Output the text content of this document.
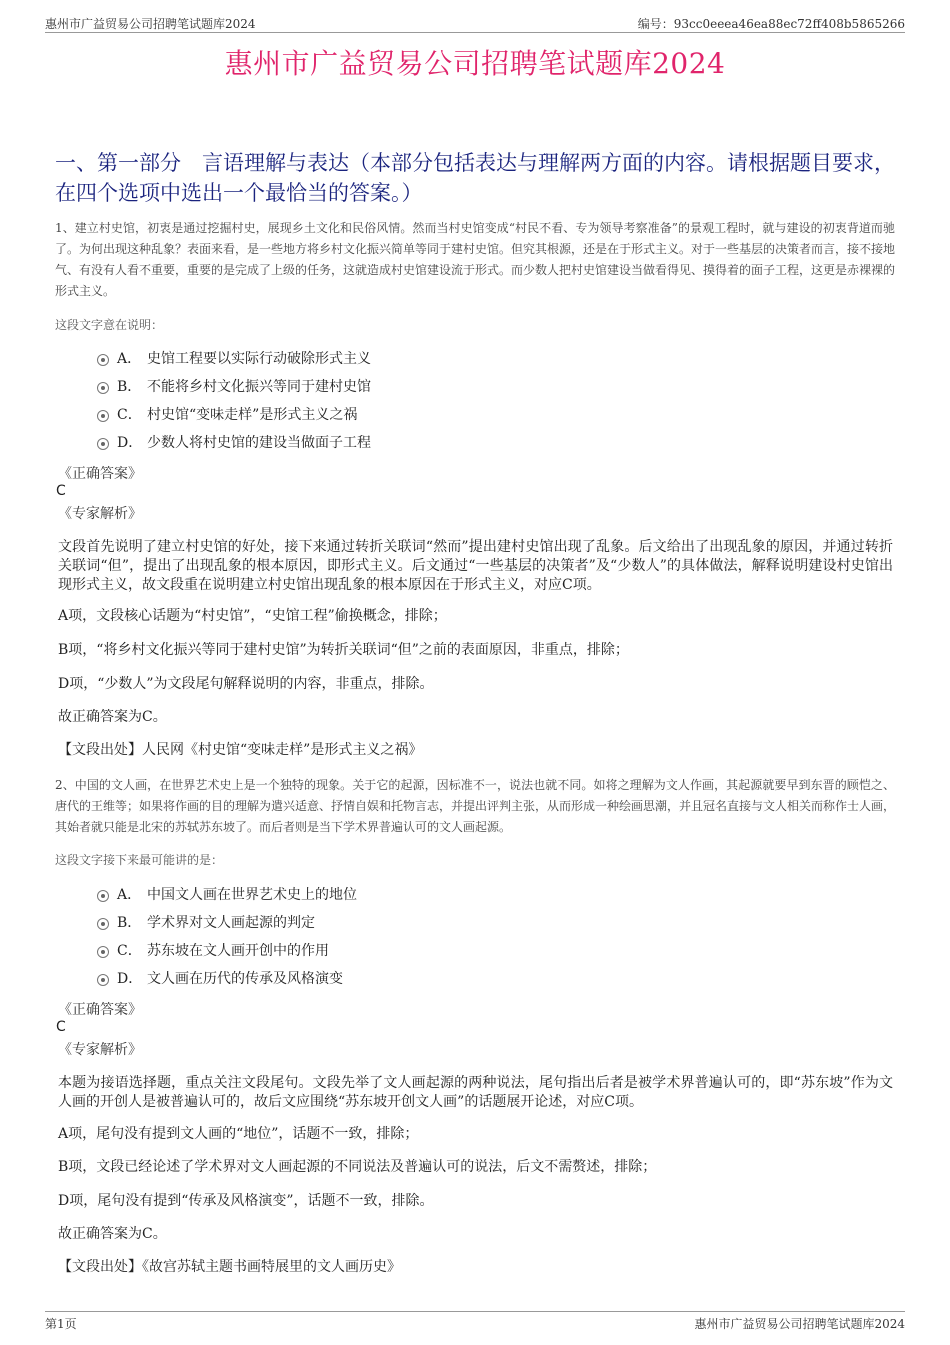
惠州市广益贸易公司招聘笔试题库2024	编号：93cc0eeea46ea88ec72ff408b5865266
惠州市广益贸易公司招聘笔试题库2024
一、第一部分　言语理解与表达（本部分包括表达与理解两方面的内容。请根据题目要求，在四个选项中选出一个最恰当的答案。）
1、建立村史馆，初衷是通过挖掘村史，展现乡土文化和民俗风情。然而当村史馆变成“村民不看、专为领导考察准备”的景观工程时，就与建设的初衷背道而驰了。为何出现这种乱象？表面来看，是一些地方将乡村文化振兴简单等同于建村史馆。但究其根源，还是在于形式主义。对于一些基层的决策者而言，接不接地气、有没有人看不重要，重要的是完成了上级的任务，这就造成村史馆建设流于形式。而少数人把村史馆建设当做看得见、摸得着的面子工程，这更是赤裸裸的形式主义。
这段文字意在说明：
A． 史馆工程要以实际行动破除形式主义
B． 不能将乡村文化振兴等同于建村史馆
C． 村史馆“变味走样”是形式主义之祸
D． 少数人将村史馆的建设当做面子工程
《正确答案》
C
《专家解析》
文段首先说明了建立村史馆的好处，接下来通过转折关联词“然而”提出建村史馆出现了乱象。后文给出了出现乱象的原因，并通过转折关联词“但”，提出了出现乱象的根本原因，即形式主义。后文通过“一些基层的决策者”及“少数人”的具体做法，解释说明建设村史馆出现形式主义，故文段重在说明建立村史馆出现乱象的根本原因在于形式主义，对应C项。
A项，文段核心话题为“村史馆”，“史馆工程”偷换概念，排除；
B项，“将乡村文化振兴等同于建村史馆”为转折关联词“但”之前的表面原因，非重点，排除；
D项，“少数人”为文段尾句解释说明的内容，非重点，排除。
故正确答案为C。
【文段出处】人民网《村史馆“变味走样”是形式主义之祸》
2、中国的文人画，在世界艺术史上是一个独特的现象。关于它的起源，因标准不一，说法也就不同。如将之理解为文人作画，其起源就要早到东晋的顾恺之、唐代的王维等；如果将作画的目的理解为遣兴适意、抒情自娱和托物言志，并提出评判主张，从而形成一种绘画思潮，并且冠名直接与文人相关而称作士人画，其始者就只能是北宋的苏轼苏东坡了。而后者则是当下学术界普遍认可的文人画起源。
这段文字接下来最可能讲的是：
A． 中国文人画在世界艺术史上的地位
B． 学术界对文人画起源的判定
C． 苏东坡在文人画开创中的作用
D． 文人画在历代的传承及风格演变
《正确答案》
C
《专家解析》
本题为接语选择题，重点关注文段尾句。文段先举了文人画起源的两种说法，尾句指出后者是被学术界普遍认可的，即“苏东坡”作为文人画的开创人是被普遍认可的，故后文应围绕“苏东坡开创文人画”的话题展开论述，对应C项。
A项，尾句没有提到文人画的“地位”，话题不一致，排除；
B项，文段已经论述了学术界对文人画起源的不同说法及普遍认可的说法，后文不需赘述，排除；
D项，尾句没有提到“传承及风格演变”，话题不一致，排除。
故正确答案为C。
【文段出处】《故宫苏轼主题书画特展里的文人画历史》
第1页	惠州市广益贸易公司招聘笔试题库2024
